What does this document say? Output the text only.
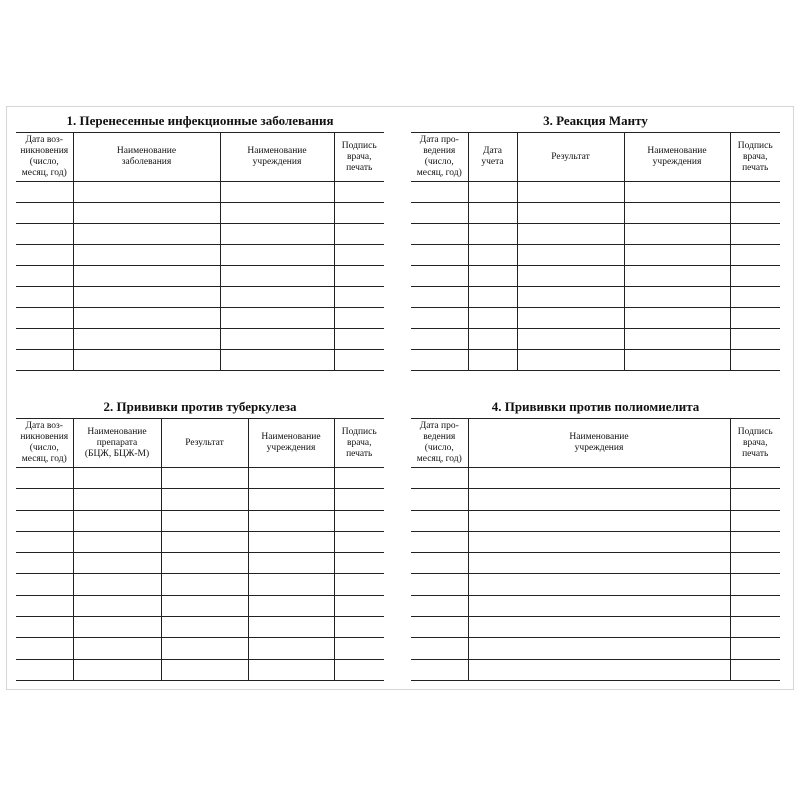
1. Перенесенные инфекционные заболевания
Дата воз-
никновения
(число,
месяц, год)	Наименование
заболевания	Наименование
учреждения	Подпись
врача,
печать

3. Реакция Манту
Дата про-
ведения
(число,
месяц, год)	Дата
учета	Результат	Наименование
учреждения	Подпись
врача,
печать

2. Прививки против туберкулеза
Дата воз-
никновения
(число,
месяц, год)	Наименование
препарата
(БЦЖ, БЦЖ-М)	Результат	Наименование
учреждения	Подпись
врача,
печать

4. Прививки против полиомиелита
Дата про-
ведения
(число,
месяц, год)	Наименование
учреждения	Подпись
врача,
печать
